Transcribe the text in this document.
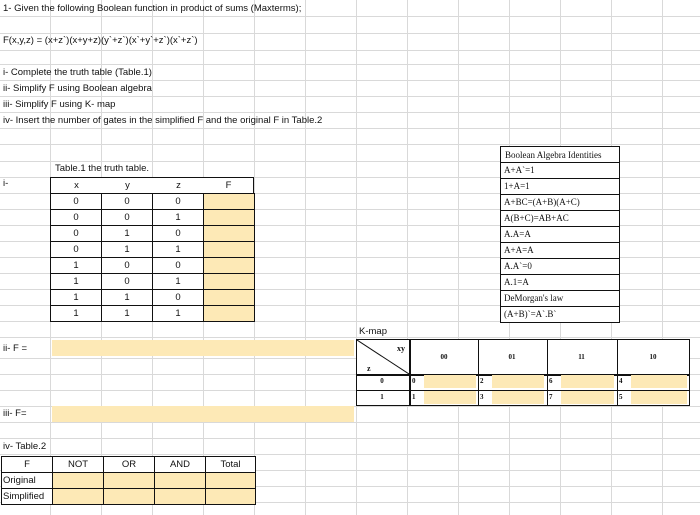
1- Given the following Boolean function in product of sums (Maxterms);
F(x,y,z) = (x+z`)(x+y+z)(y`+z`)(x`+y`+z`)(x`+z`)
i- Complete the truth table (Table.1)
ii- Simplify F using Boolean algebra
iii- Simplify F using K- map
iv- Insert the number of gates in the simplified F and the original F in Table.2
i-
Table.1 the truth table.
x	y	z	F
0	0	0
0	0	1
0	1	0
0	1	1
1	0	0
1	0	1
1	1	0
1	1	1
Boolean Algebra Identities
A+A`=1
1+A=1
A+BC=(A+B)(A+C)
A(B+C)=AB+AC
A.A=A
A+A=A
A.A`=0
A.1=A
DeMorgan's law
(A+B)`=A`.B`
ii- F =
iii- F=
K-map
xy
z
00	01	11	10
0	0	2	6	4
1	1	3	7	5
iv- Table.2
F	NOT	OR	AND	Total
Original
Simplified
